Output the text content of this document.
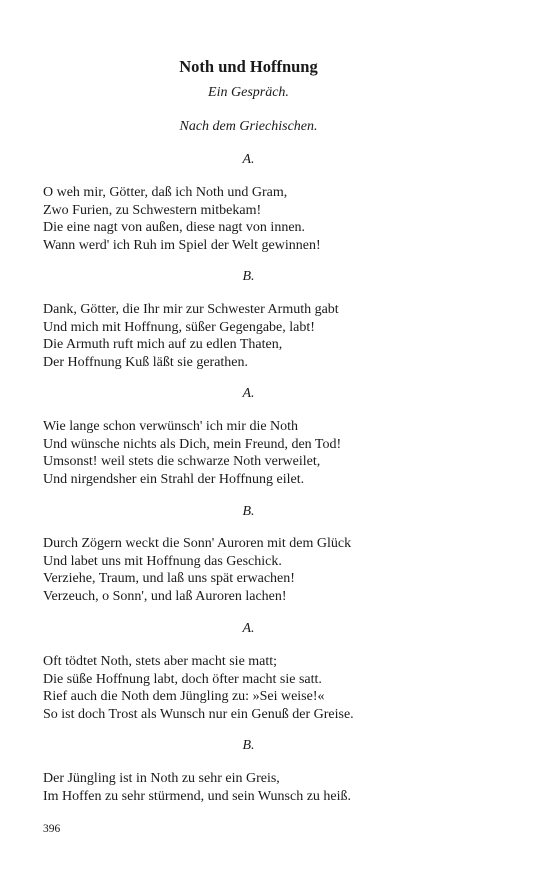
Noth und Hoffnung
Ein Gespräch.
Nach dem Griechischen.
A.
O weh mir, Götter, daß ich Noth und Gram,
Zwo Furien, zu Schwestern mitbekam!
Die eine nagt von außen, diese nagt von innen.
Wann werd' ich Ruh im Spiel der Welt gewinnen!
B.
Dank, Götter, die Ihr mir zur Schwester Armuth gabt
Und mich mit Hoffnung, süßer Gegengabe, labt!
Die Armuth ruft mich auf zu edlen Thaten,
Der Hoffnung Kuß läßt sie gerathen.
A.
Wie lange schon verwünsch' ich mir die Noth
Und wünsche nichts als Dich, mein Freund, den Tod!
Umsonst! weil stets die schwarze Noth verweilet,
Und nirgendsher ein Strahl der Hoffnung eilet.
B.
Durch Zögern weckt die Sonn' Auroren mit dem Glück
Und labet uns mit Hoffnung das Geschick.
Verziehe, Traum, und laß uns spät erwachen!
Verzeuch, o Sonn', und laß Auroren lachen!
A.
Oft tödtet Noth, stets aber macht sie matt;
Die süße Hoffnung labt, doch öfter macht sie satt.
Rief auch die Noth dem Jüngling zu: »Sei weise!«
So ist doch Trost als Wunsch nur ein Genuß der Greise.
B.
Der Jüngling ist in Noth zu sehr ein Greis,
Im Hoffen zu sehr stürmend, und sein Wunsch zu heiß.
396
